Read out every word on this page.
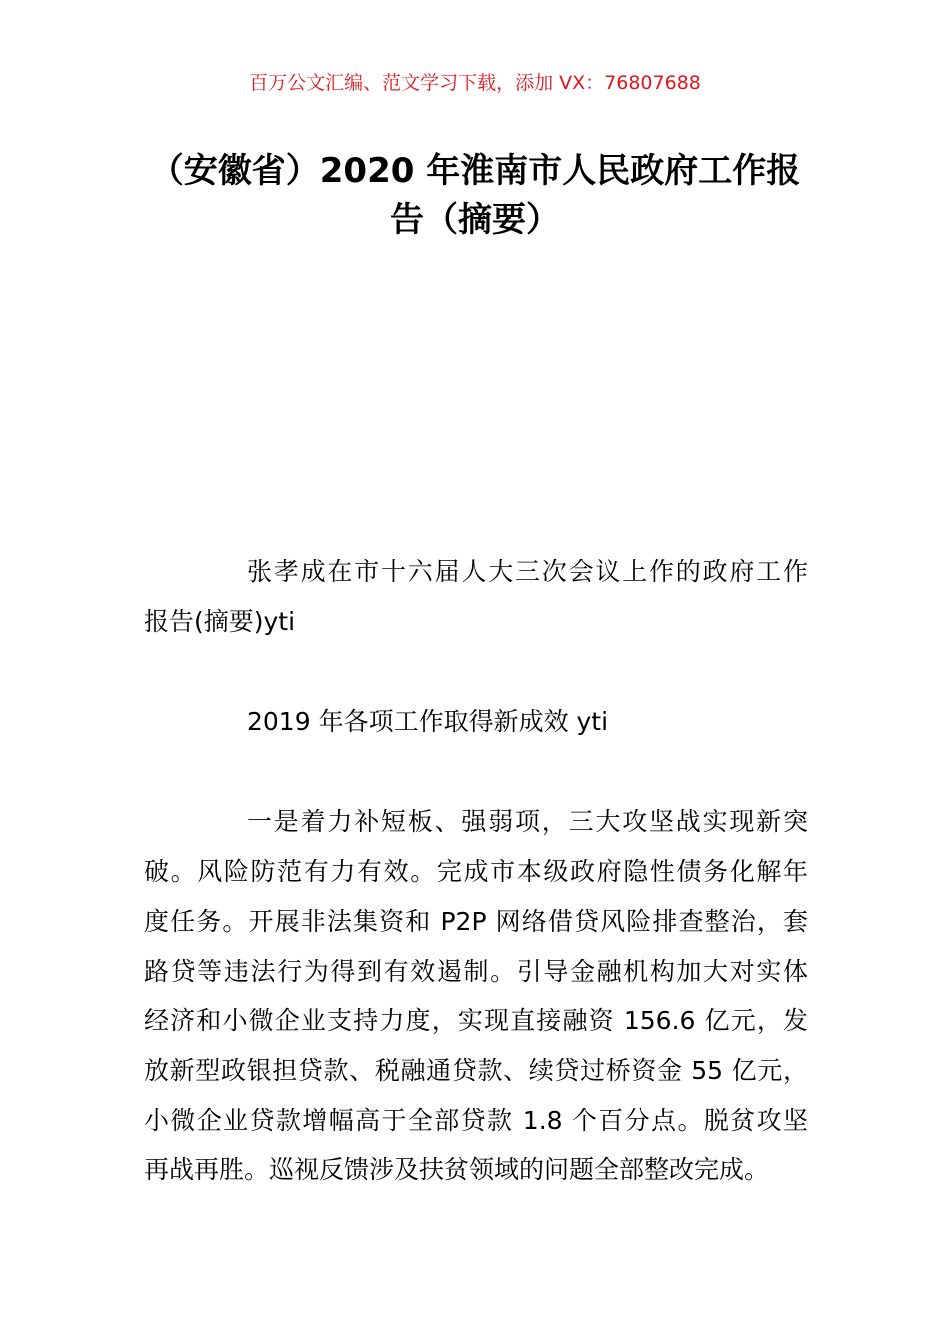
百万公文汇编、范文学习下载，添加 VX：76807688
（安徽省）2020 年淮南市人民政府工作报
告（摘要）
张孝成在市十六届人大三次会议上作的政府工作
报告(摘要)yti
2019 年各项工作取得新成效 yti
一是着力补短板、强弱项，三大攻坚战实现新突
破。风险防范有力有效。完成市本级政府隐性债务化解年
度任务。开展非法集资和 P2P 网络借贷风险排查整治，套
路贷等违法行为得到有效遏制。引导金融机构加大对实体
经济和小微企业支持力度，实现直接融资 156.6 亿元，发
放新型政银担贷款、税融通贷款、续贷过桥资金 55 亿元，
小微企业贷款增幅高于全部贷款 1.8 个百分点。脱贫攻坚
再战再胜。巡视反馈涉及扶贫领域的问题全部整改完成。
